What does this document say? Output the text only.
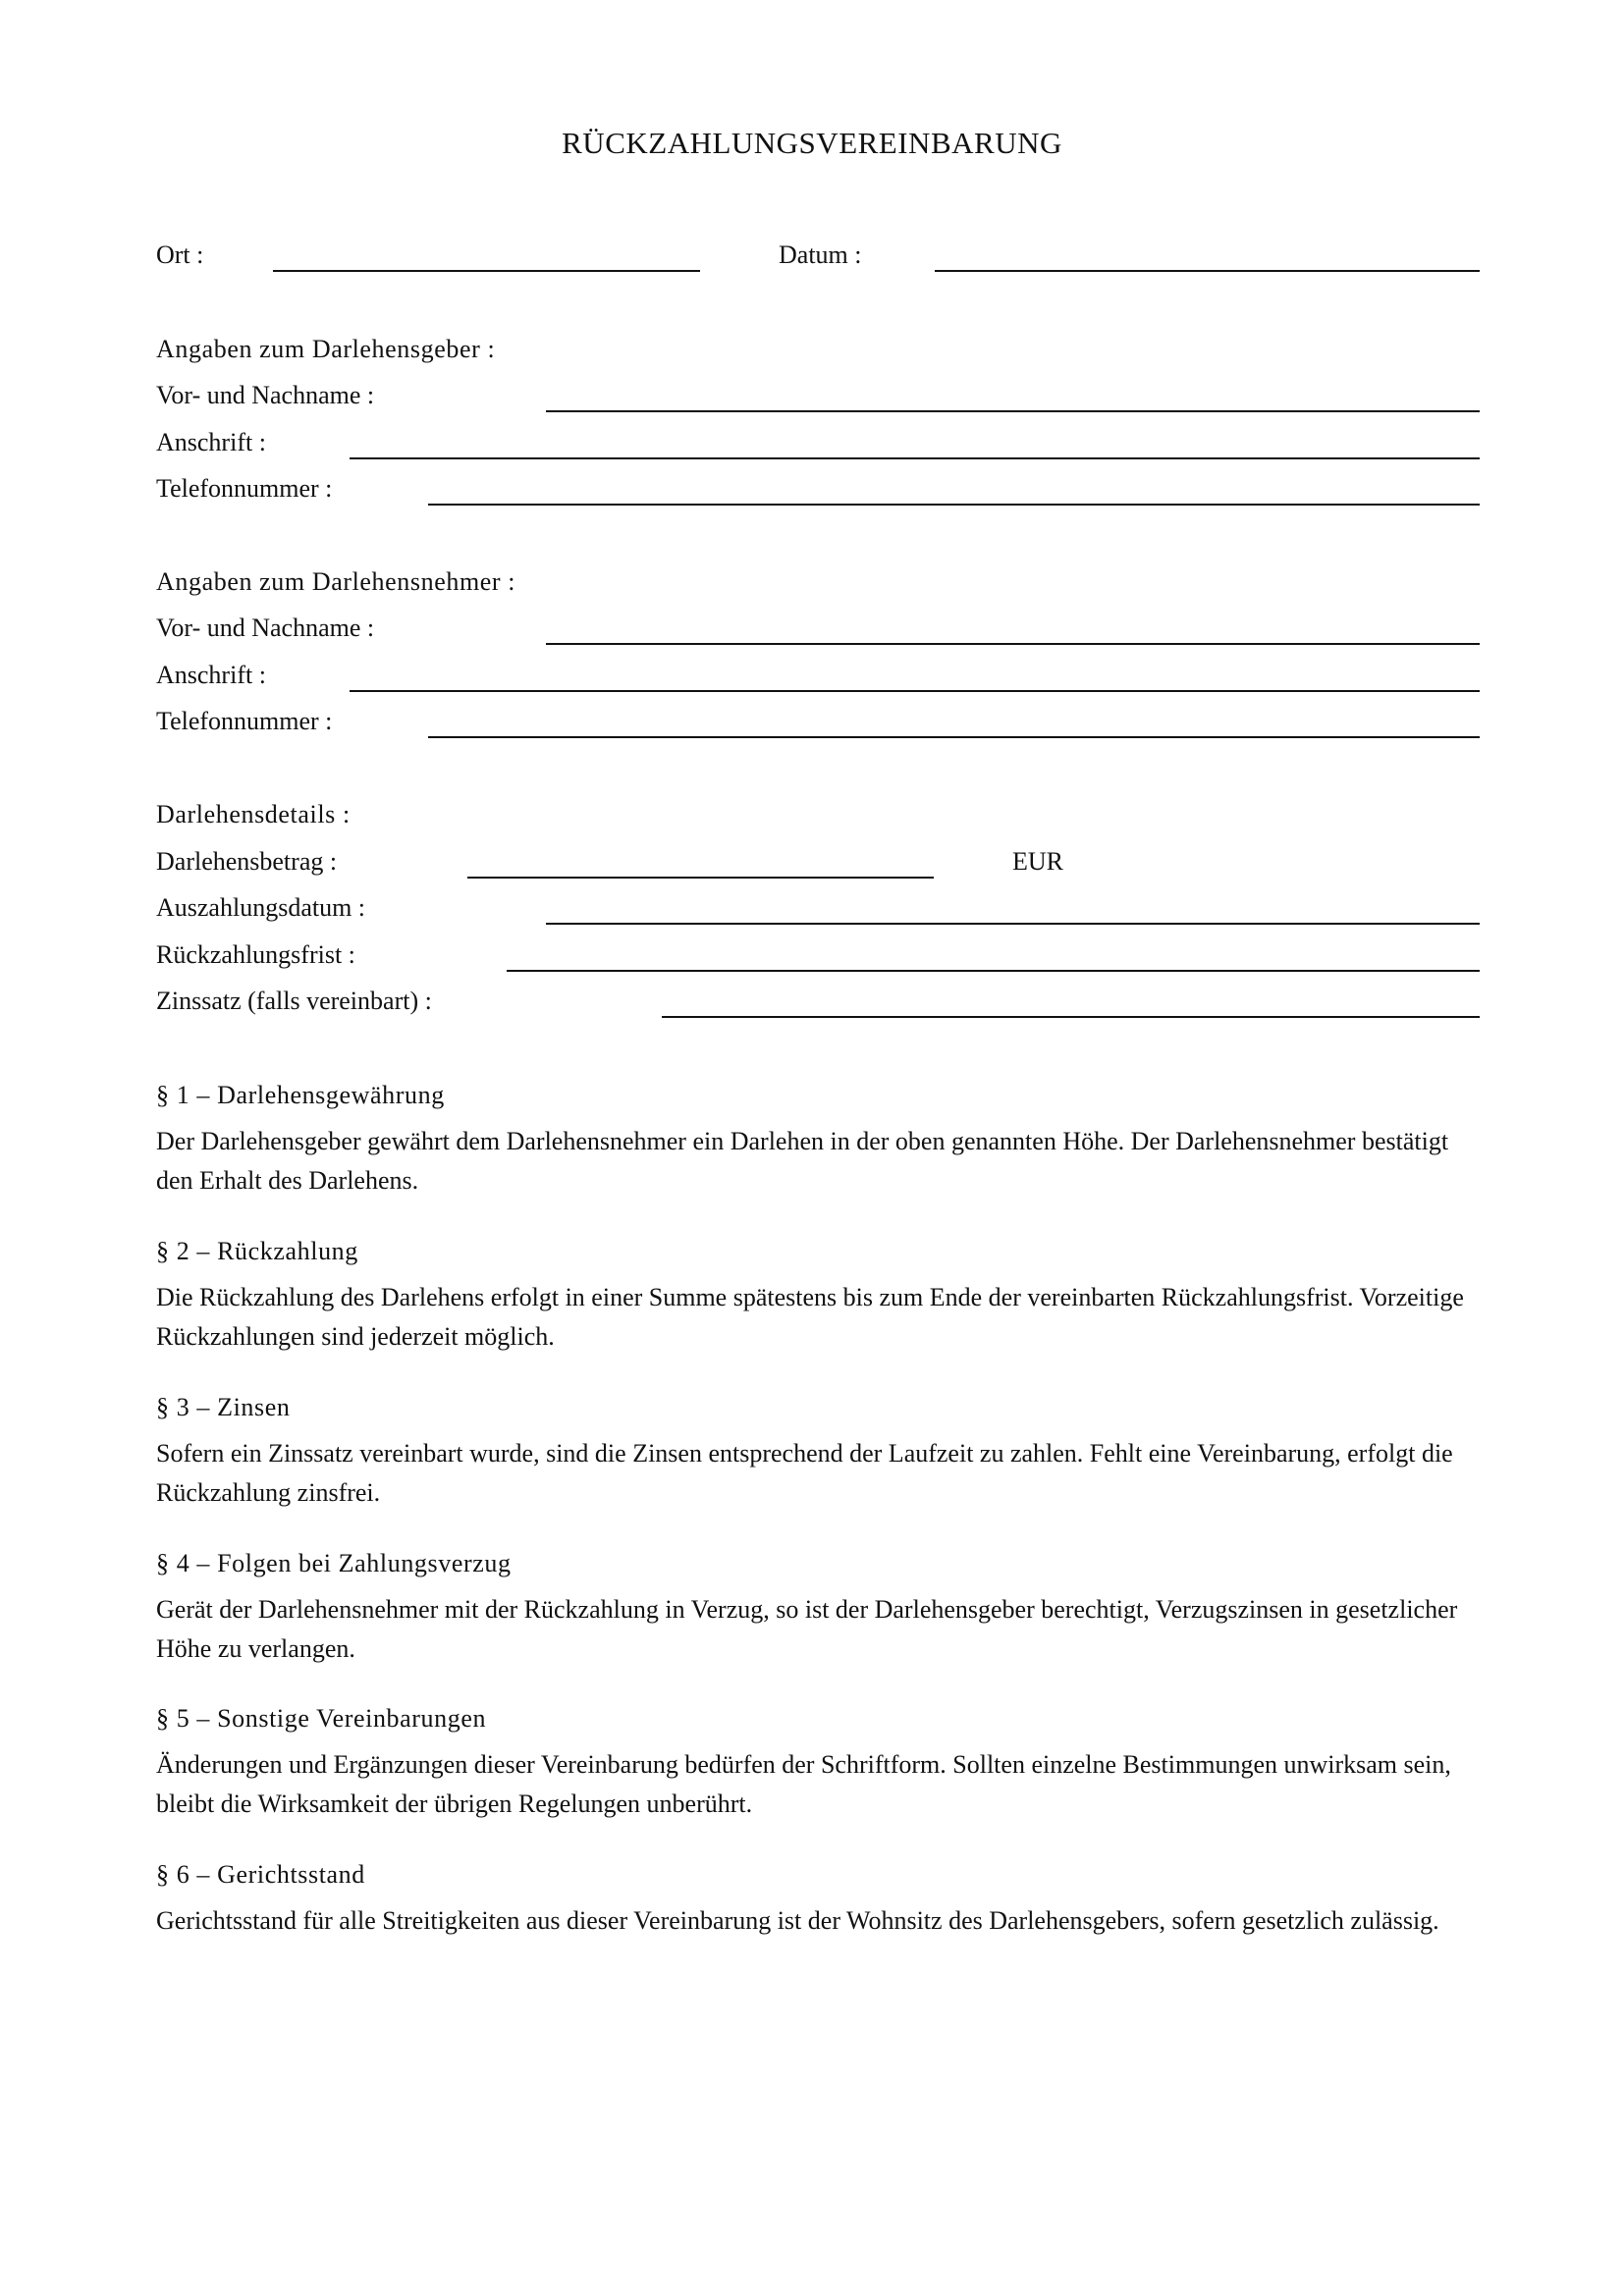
RÜCKZAHLUNGSVEREINBARUNG
Ort :	Datum :
Angaben zum Darlehensgeber :
Vor- und Nachname :
Anschrift :
Telefonnummer :
Angaben zum Darlehensnehmer :
Vor- und Nachname :
Anschrift :
Telefonnummer :
Darlehensdetails :
Darlehensbetrag :	EUR
Auszahlungsdatum :
Rückzahlungsfrist :
Zinssatz (falls vereinbart) :
§ 1 – Darlehensgewährung
Der Darlehensgeber gewährt dem Darlehensnehmer ein Darlehen in der oben genannten Höhe. Der Darlehensnehmer bestätigt den Erhalt des Darlehens.
§ 2 – Rückzahlung
Die Rückzahlung des Darlehens erfolgt in einer Summe spätestens bis zum Ende der vereinbarten Rückzahlungsfrist. Vorzeitige Rückzahlungen sind jederzeit möglich.
§ 3 – Zinsen
Sofern ein Zinssatz vereinbart wurde, sind die Zinsen entsprechend der Laufzeit zu zahlen. Fehlt eine Vereinbarung, erfolgt die Rückzahlung zinsfrei.
§ 4 – Folgen bei Zahlungsverzug
Gerät der Darlehensnehmer mit der Rückzahlung in Verzug, so ist der Darlehensgeber berechtigt, Verzugszinsen in gesetzlicher Höhe zu verlangen.
§ 5 – Sonstige Vereinbarungen
Änderungen und Ergänzungen dieser Vereinbarung bedürfen der Schriftform. Sollten einzelne Bestimmungen unwirksam sein, bleibt die Wirksamkeit der übrigen Regelungen unberührt.
§ 6 – Gerichtsstand
Gerichtsstand für alle Streitigkeiten aus dieser Vereinbarung ist der Wohnsitz des Darlehensgebers, sofern gesetzlich zulässig.
